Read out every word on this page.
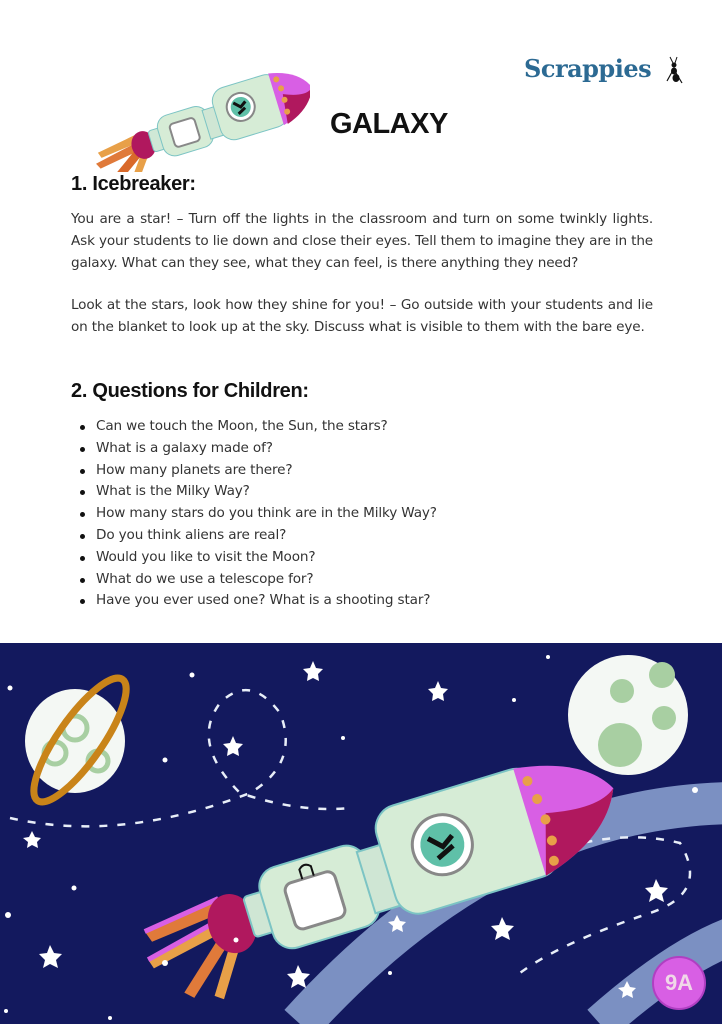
Scrappies
GALAXY
1. Icebreaker:

You are a star! – Turn off the lights in the classroom and turn on some twinkly lights. Ask your students to lie down and close their eyes. Tell them to imagine they are in the galaxy. What can they see, what they can feel, is there anything they need?

Look at the stars, look how they shine for you! – Go outside with your students and lie on the blanket to look up at the sky. Discuss what is visible to them with the bare eye.

2. Questions for Children:
Can we touch the Moon, the Sun, the stars?
What is a galaxy made of?
How many planets are there?
What is the Milky Way?
How many stars do you think are in the Milky Way?
Do you think aliens are real?
Would you like to visit the Moon?
What do we use a telescope for?
Have you ever used one? What is a shooting star?
9A
